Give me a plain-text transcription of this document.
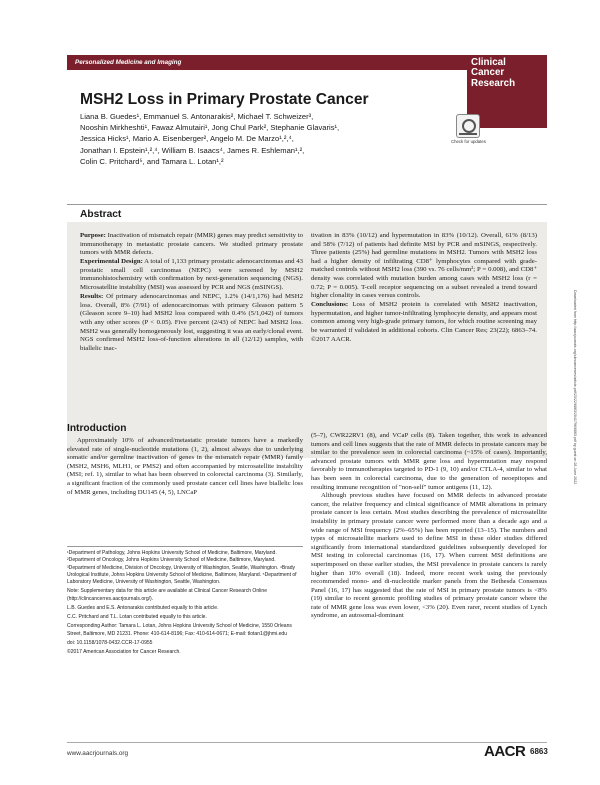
Personalized Medicine and Imaging	Clinical
Cancer
Research
MSH2 Loss in Primary Prostate Cancer
Liana B. Guedes¹, Emmanuel S. Antonarakis², Michael T. Schweizer³,
Nooshin Mirkheshti¹, Fawaz Almutairi¹, Jong Chul Park², Stephanie Glavaris¹,
Jessica Hicks¹, Mario A. Eisenberger², Angelo M. De Marzo¹,²,⁴,
Jonathan I. Epstein¹,²,⁴, William B. Isaacs⁴, James R. Eshleman¹,²,
Colin C. Pritchard⁵, and Tamara L. Lotan¹,²
Check for updates
Abstract

Purpose: Inactivation of mismatch repair (MMR) genes may predict sensitivity to immunotherapy in metastatic prostate cancers. We studied primary prostate tumors with MMR defects.

Experimental Design: A total of 1,133 primary prostatic adenocarcinomas and 43 prostatic small cell carcinomas (NEPC) were screened by MSH2 immunohistochemistry with confirmation by next-generation sequencing (NGS). Microsatellite instability (MSI) was assessed by PCR and NGS (mSINGS).

Results: Of primary adenocarcinomas and NEPC, 1.2% (14/1,176) had MSH2 loss. Overall, 8% (7/91) of adenocarcinomas with primary Gleason pattern 5 (Gleason score 9–10) had MSH2 loss compared with 0.4% (5/1,042) of tumors with any other scores (P < 0.05). Five percent (2/43) of NEPC had MSH2 loss. MSH2 was generally homogeneously lost, suggesting it was an early/clonal event. NGS confirmed MSH2 loss-of-function alterations in all (12/12) samples, with biallelic inac-

tivation in 83% (10/12) and hypermutation in 83% (10/12). Overall, 61% (8/13) and 58% (7/12) of patients had definite MSI by PCR and mSINGS, respectively. Three patients (25%) had germline mutations in MSH2. Tumors with MSH2 loss had a higher density of infiltrating CD8⁺ lymphocytes compared with grade-matched controls without MSH2 loss (390 vs. 76 cells/mm²; P = 0.008), and CD8⁺ density was correlated with mutation burden among cases with MSH2 loss (r = 0.72; P = 0.005). T-cell receptor sequencing on a subset revealed a trend toward higher clonality in cases versus controls.

Conclusions: Loss of MSH2 protein is correlated with MSH2 inactivation, hypermutation, and higher tumor-infiltrating lymphocyte density, and appears most common among very high-grade primary tumors, for which routine screening may be warranted if validated in additional cohorts. Clin Cancer Res; 23(22); 6863–74. ©2017 AACR.	Downloaded from http://aacrjournals.org/clincancerres/article-pdf/23/22/6863/2041796/6863.pdf by guest on 28 June 2022
Introduction

Approximately 10% of advanced/metastatic prostate tumors have a markedly elevated rate of single-nucleotide mutations (1, 2), almost always due to underlying somatic and/or germline inactivation of genes in the mismatch repair (MMR) family (MSH2, MSH6, MLH1, or PMS2) and often accompanied by microsatellite instability (MSI; ref. 1), similar to what has been observed in colorectal carcinoma (3). Similarly, a significant fraction of the commonly used prostate cancer cell lines have biallelic loss of MMR genes, including DU145 (4, 5), LNCaP

(5–7), CWR22RV1 (8), and VCaP cells (8). Taken together, this work in advanced tumors and cell lines suggests that the rate of MMR defects in prostate cancers may be similar to the prevalence seen in colorectal carcinoma (~15% of cases). Importantly, advanced prostate tumors with MMR gene loss and hypermutation may respond favorably to immunotherapies targeted to PD-1 (9, 10) and/or CTLA-4, similar to what has been seen in colorectal carcinoma, due to the generation of neoepitopes and resulting immune recognition of "non-self" tumor antigens (11, 12).

Although previous studies have focused on MMR defects in advanced prostate cancer, the relative frequency and clinical significance of MMR alterations in primary prostate cancer is less certain. Most studies describing the prevalence of microsatellite instability in primary prostate cancer were performed more than a decade ago and a wide range of MSI frequency (2%–65%) has been reported (13–15). The numbers and types of microsatellite markers used to define MSI in these older studies differed significantly from international standardized guidelines subsequently developed for MSI testing in colorectal carcinomas (16, 17). When current MSI definitions are superimposed on these earlier studies, the MSI prevalence in prostate cancers is rarely higher than 10% overall (18). Indeed, more recent work using the previously recommended mono- and di-nucleotide marker panels from the Bethesda Consensus Panel (16, 17) has suggested that the rate of MSI in primary prostate tumors is <8% (19) similar to recent genomic profiling studies of primary prostate cancer where the rate of MMR gene loss was even lower, <3% (20). Even rarer, recent studies of Lynch syndrome, an autosomal-dominant

¹Department of Pathology, Johns Hopkins University School of Medicine, Baltimore, Maryland. ²Department of Oncology, Johns Hopkins University School of Medicine, Baltimore, Maryland. ³Department of Medicine, Division of Oncology, University of Washington, Seattle, Washington. ⁴Brady Urological Institute, Johns Hopkins University School of Medicine, Baltimore, Maryland. ⁵Department of Laboratory Medicine, University of Washington, Seattle, Washington.

Note: Supplementary data for this article are available at Clinical Cancer Research Online (http://clincancerres.aacrjournals.org/).

L.B. Guedes and E.S. Antonarakis contributed equally to this article.

C.C. Pritchard and T.L. Lotan contributed equally to this article.

Corresponding Author: Tamara L. Lotan, Johns Hopkins University School of Medicine, 1550 Orleans Street, Baltimore, MD 21231. Phone: 410-614-8196; Fax: 410-614-0671; E-mail: tlotan1@jhmi.edu

doi: 10.1158/1078-0432.CCR-17-0955

©2017 American Association for Cancer Research.

www.aacrjournals.org	AACR 6863
